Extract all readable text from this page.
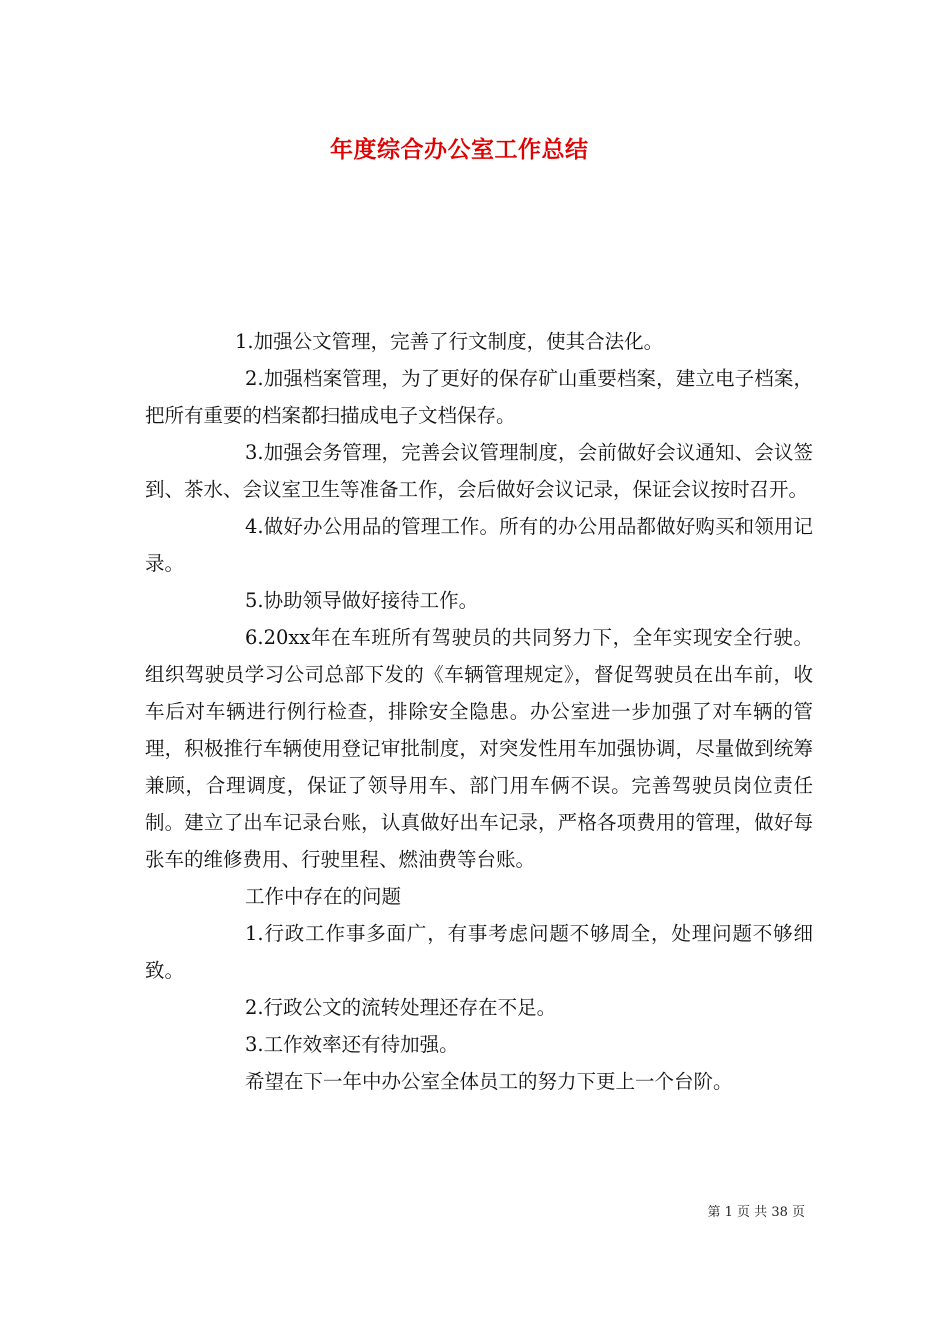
年度综合办公室工作总结

1.加强公文管理，完善了行文制度，使其合法化。

2.加强档案管理，为了更好的保存矿山重要档案，建立电子档案，把所有重要的档案都扫描成电子文档保存。

3.加强会务管理，完善会议管理制度，会前做好会议通知、会议签到、茶水、会议室卫生等准备工作，会后做好会议记录，保证会议按时召开。

4.做好办公用品的管理工作。所有的办公用品都做好购买和领用记录。

5.协助领导做好接待工作。

6.20xx年在车班所有驾驶员的共同努力下，全年实现安全行驶。组织驾驶员学习公司总部下发的《车辆管理规定》，督促驾驶员在出车前，收车后对车辆进行例行检查，排除安全隐患。办公室进一步加强了对车辆的管理，积极推行车辆使用登记审批制度，对突发性用车加强协调，尽量做到统筹兼顾，合理调度，保证了领导用车、部门用车俩不误。完善驾驶员岗位责任制。建立了出车记录台账，认真做好出车记录，严格各项费用的管理，做好每张车的维修费用、行驶里程、燃油费等台账。

工作中存在的问题

1.行政工作事多面广，有事考虑问题不够周全，处理问题不够细致。

2.行政公文的流转处理还存在不足。

3.工作效率还有待加强。

希望在下一年中办公室全体员工的努力下更上一个台阶。

第 1 页 共 38 页
